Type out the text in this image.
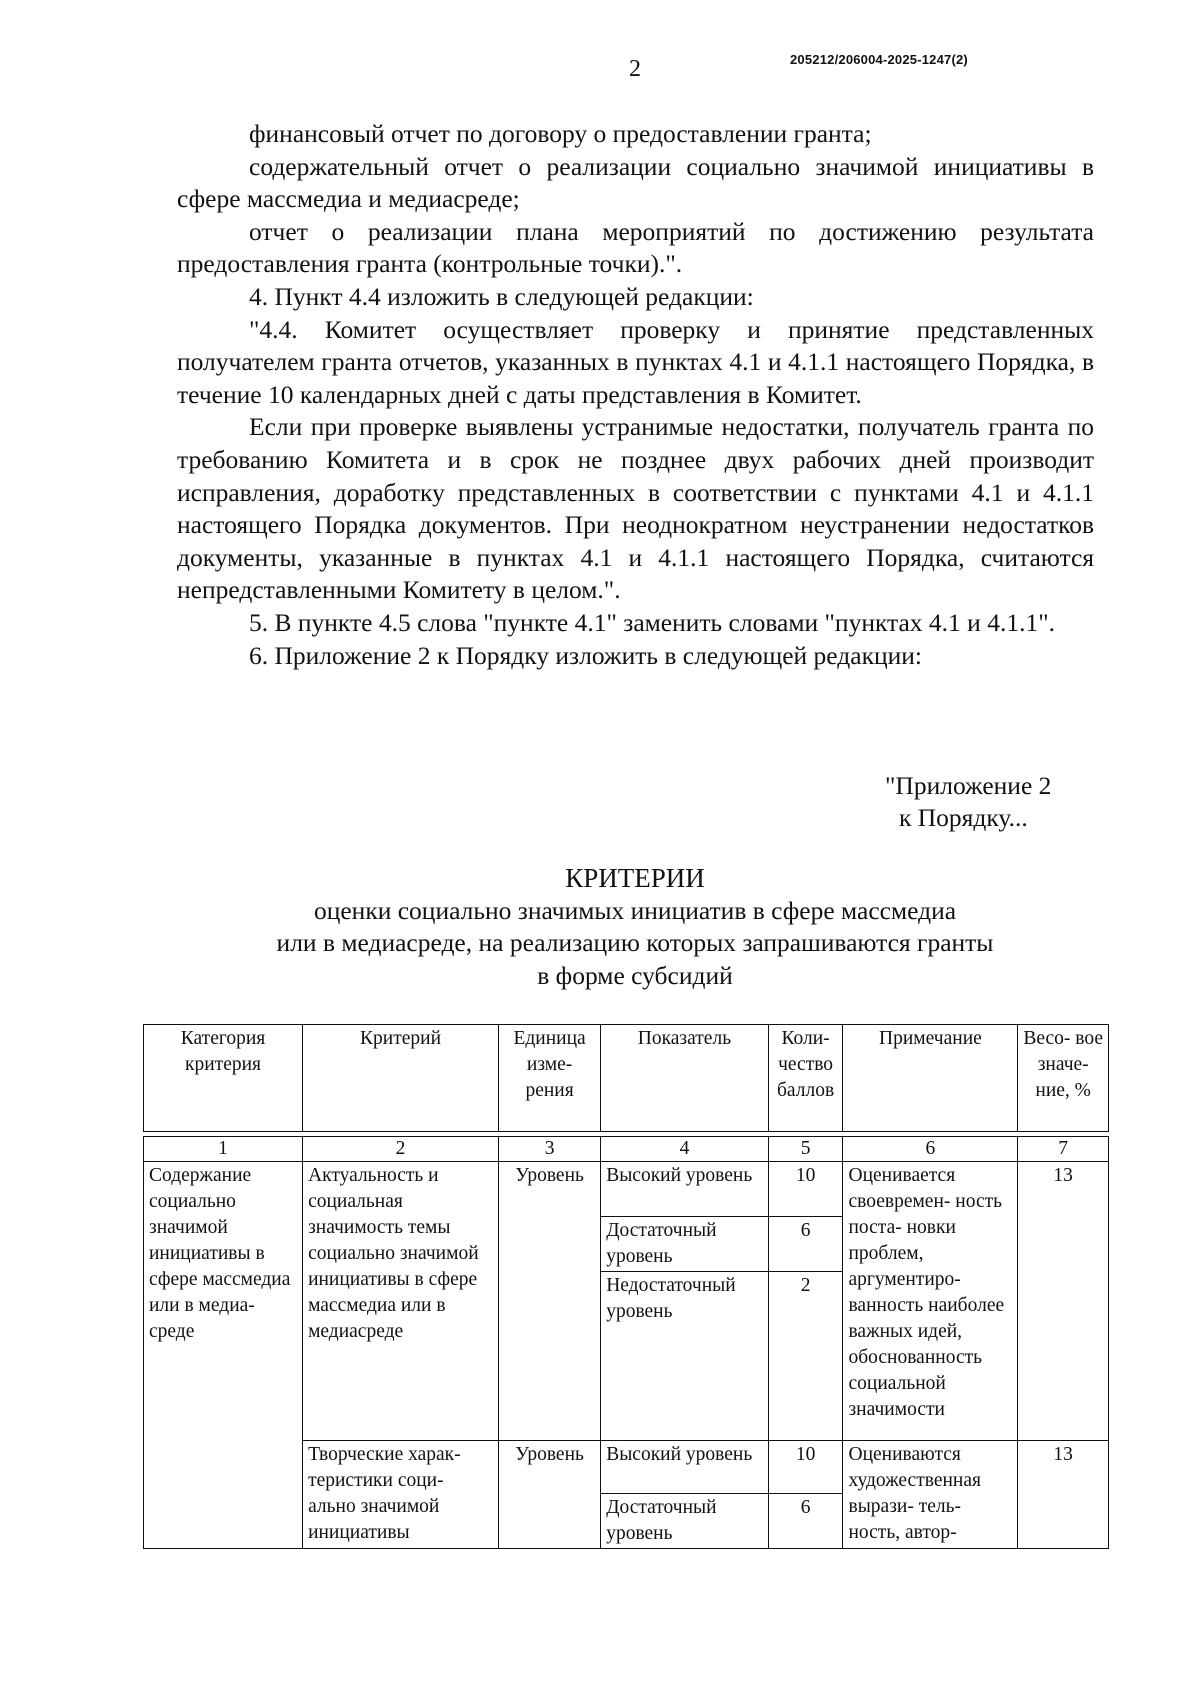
2	205212/206004-2025-1247(2)

финансовый отчет по договору о предоставлении гранта;

содержательный отчет о реализации социально значимой инициативы в сфере массмедиа и медиасреде;

отчет о реализации плана мероприятий по достижению результата предоставления гранта (контрольные точки).".

4. Пункт 4.4 изложить в следующей редакции:

"4.4. Комитет осуществляет проверку и принятие представленных получателем гранта отчетов, указанных в пунктах 4.1 и 4.1.1 настоящего Порядка, в течение 10 календарных дней с даты представления в Комитет.

Если при проверке выявлены устранимые недостатки, получатель гранта по требованию Комитета и в срок не позднее двух рабочих дней производит исправления, доработку представленных в соответствии с пунктами 4.1 и 4.1.1 настоящего Порядка документов. При неоднократном неустранении недостатков документы, указанные в пунктах 4.1 и 4.1.1 настоящего Порядка, считаются непредставленными Комитету в целом.".

5. В пункте 4.5 слова "пункте 4.1" заменить словами "пунктах 4.1 и 4.1.1".

6. Приложение 2 к Порядку изложить в следующей редакции:

"Приложение 2
к Порядку...
КРИТЕРИИ
оценки социально значимых инициатив в сфере массмедиа
или в медиасреде, на реализацию которых запрашиваются гранты
в форме субсидий
Категория критерия	Критерий	Единица изме- рения	Показатель	Коли- чество баллов	Примечание	Весо- вое значе- ние, %

1	2	3	4	5	6	7
Содержание социально значимой инициативы в сфере массмедиа или в медиа- среде	Актуальность и социальная значимость темы социально значимой инициативы в сфере массмедиа или в медиасреде	Уровень	Высокий уровень	10	Оценивается своевремен- ность поста- новки проблем, аргументиро- ванность наиболее важных идей, обоснованность социальной значимости	13
			Достаточный уровень	6		
			Недостаточный уровень	2		
	Творческие харак- теристики соци- ально значимой инициативы	Уровень	Высокий уровень	10	Оцениваются художественная вырази- тель- ность, автор-	13
			Достаточный уровень	6		
